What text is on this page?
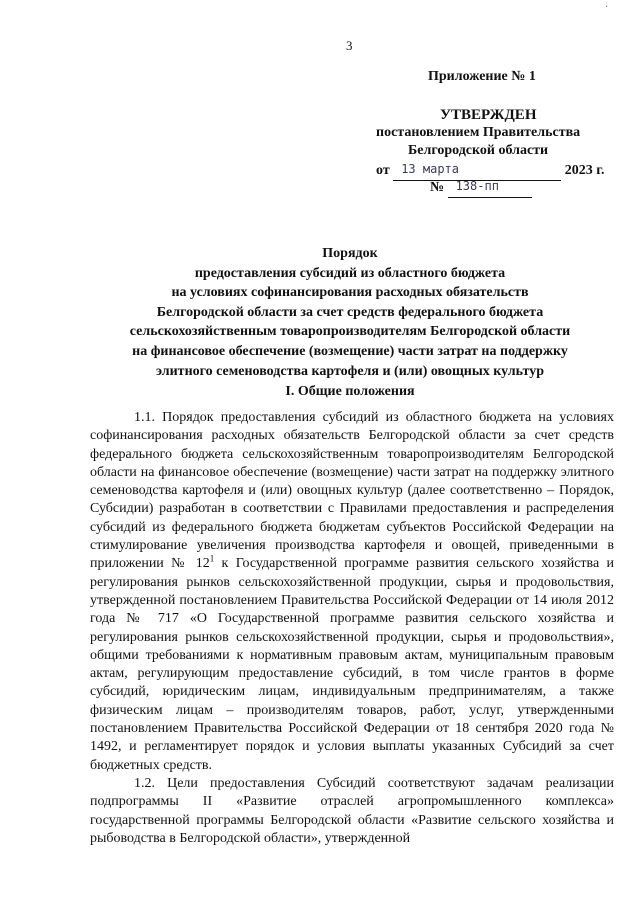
·
3
Приложение № 1
УТВЕРЖДЕН
постановлением Правительства
Белгородской области
от 13 марта	2023 г.
№ 138-пп
Порядок
предоставления субсидий из областного бюджета
на условиях софинансирования расходных обязательств
Белгородской области за счет средств федерального бюджета
сельскохозяйственным товаропроизводителям Белгородской области
на финансовое обеспечение (возмещение) части затрат на поддержку
элитного семеноводства картофеля и (или) овощных культур
I. Общие положения

1.1. Порядок предоставления субсидий из областного бюджета на условиях софинансирования расходных обязательств Белгородской области за счет средств федерального бюджета сельскохозяйственным товаропроизводителям Белгородской области на финансовое обеспечение (возмещение) части затрат на поддержку элитного семеноводства картофеля и (или) овощных культур (далее соответственно – Порядок, Субсидии) разработан в соответствии с Правилами предоставления и распределения субсидий из федерального бюджета бюджетам субъектов Российской Федерации на стимулирование увеличения производства картофеля и овощей, приведенными в приложении № $12^1$ к Государственной программе развития сельского хозяйства и регулирования рынков сельскохозяйственной продукции, сырья и продовольствия, утвержденной постановлением Правительства Российской Федерации от 14 июля 2012 года № 717 «О Государственной программе развития сельского хозяйства и регулирования рынков сельскохозяйственной продукции, сырья и продовольствия», общими требованиями к нормативным правовым актам, муниципальным правовым актам, регулирующим предоставление субсидий, в том числе грантов в форме субсидий, юридическим лицам, индивидуальным предпринимателям, а также физическим лицам – производителям товаров, работ, услуг, утвержденными постановлением Правительства Российской Федерации от 18 сентября 2020 года № 1492, и регламентирует порядок и условия выплаты указанных Субсидий за счет бюджетных средств.

1.2. Цели предоставления Субсидий соответствуют задачам реализации подпрограммы II «Развитие отраслей агропромышленного комплекса» государственной программы Белгородской области «Развитие сельского хозяйства и рыбоводства в Белгородской области», утвержденной
